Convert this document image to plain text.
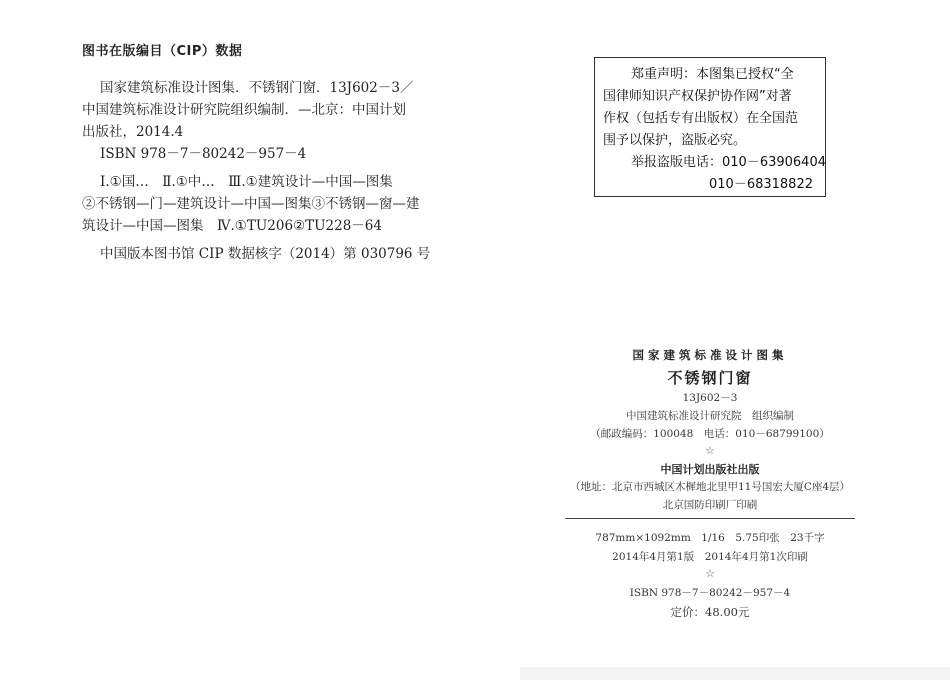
图书在版编目（CIP）数据
国家建筑标准设计图集．不锈钢门窗．13J602－3／
中国建筑标准设计研究院组织编制．—北京：中国计划
出版社，2014.4
ISBN 978－7－80242－957－4
Ⅰ.①国…　Ⅱ.①中…　Ⅲ.①建筑设计—中国—图集
②不锈钢—门—建筑设计—中国—图集③不锈钢—窗—建
筑设计—中国—图集　Ⅳ.①TU206②TU228－64
中国版本图书馆 CIP 数据核字（2014）第 030796 号
郑重声明：本图集已授权“全
国律师知识产权保护协作网”对著
作权（包括专有出版权）在全国范
围予以保护，盗版必究。
举报盗版电话：010－63906404
010－68318822
国家建筑标准设计图集
不锈钢门窗
13J602－3
中国建筑标准设计研究院　组织编制
（邮政编码：100048　电话：010－68799100）
☆
中国计划出版社出版
（地址：北京市西城区木樨地北里甲11号国宏大厦C座4层）
北京国防印刷厂印刷
787mm×1092mm　1/16　5.75印张　23千字
2014年4月第1版　2014年4月第1次印刷
☆
ISBN 978－7－80242－957－4
定价：48.00元
